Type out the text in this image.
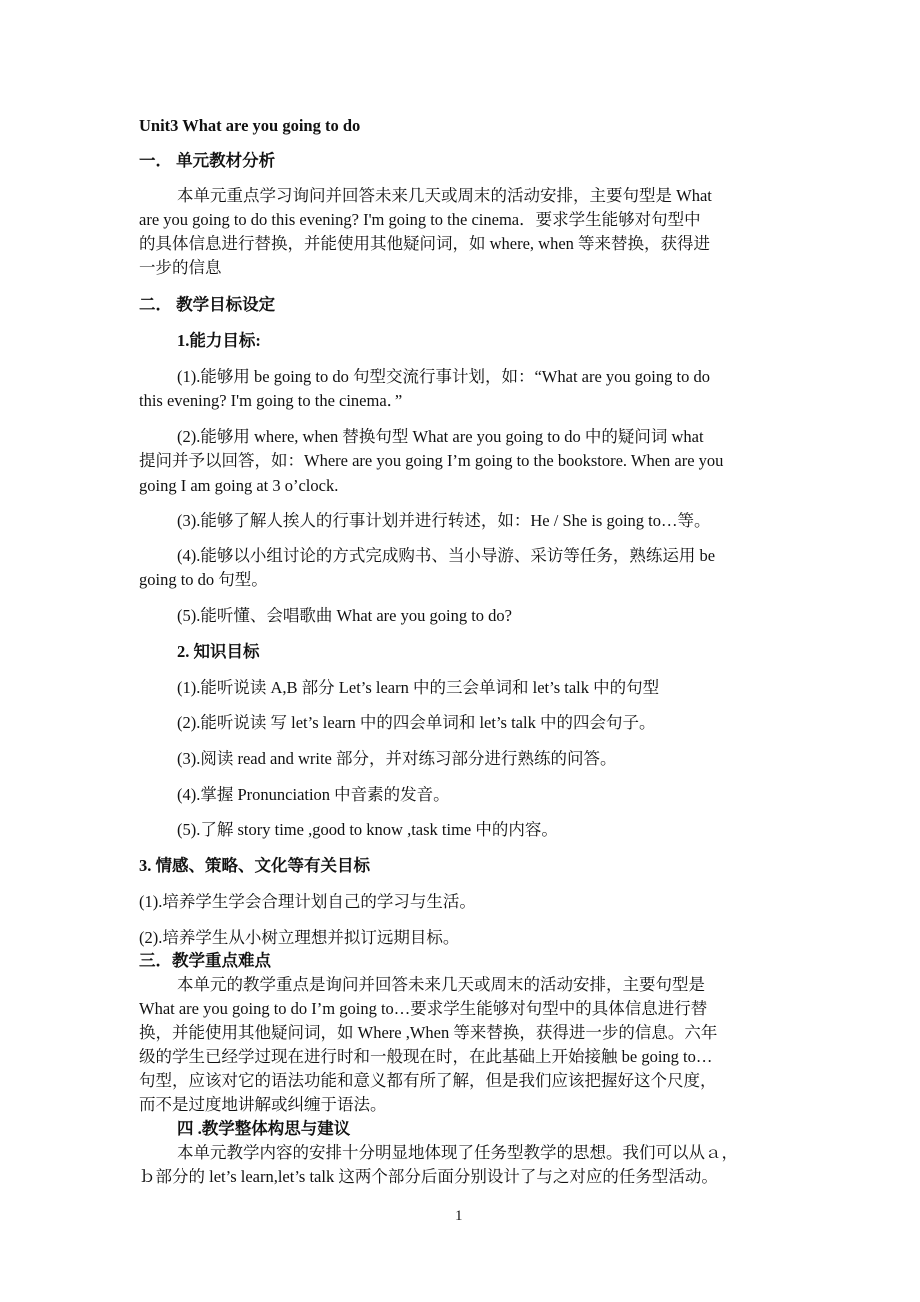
Unit3 What are you going to do
一． 单元教材分析
本单元重点学习询问并回答未来几天或周末的活动安排，主要句型是 What
are you going to do this evening? I'm going to the cinema．要求学生能够对句型中
的具体信息进行替换，并能使用其他疑问词，如 where, when 等来替换，获得进
一步的信息
二． 教学目标设定
1.能力目标:
(1).能够用 be going to do 句型交流行事计划，如：“What are you going to do
this evening? I'm going to the cinema．”
(2).能够用 where, when 替换句型 What are you going to do 中的疑问词 what
提问并予以回答，如：Where are you going I’m going to the bookstore. When are you
going I am going at 3 o’clock.
(3).能够了解人挨人的行事计划并进行转述，如：He / She is going to…等。
(4).能够以小组讨论的方式完成购书、当小导游、采访等任务，熟练运用 be
going to do 句型。
(5).能听懂、会唱歌曲 What are you going to do?
2. 知识目标
(1).能听说读 A,B 部分 Let’s learn 中的三会单词和 let’s talk 中的句型
(2).能听说读 写 let’s learn 中的四会单词和 let’s talk 中的四会句子。
(3).阅读 read and write 部分，并对练习部分进行熟练的问答。
(4).掌握 Pronunciation 中音素的发音。
(5).了解 story time ,good to know ,task time 中的内容。
3. 情感、策略、文化等有关目标
(1).培养学生学会合理计划自己的学习与生活。
(2).培养学生从小树立理想并拟订远期目标。
三．教学重点难点
本单元的教学重点是询问并回答未来几天或周末的活动安排，主要句型是
What are you going to do I’m going to…要求学生能够对句型中的具体信息进行替
换，并能使用其他疑问词，如 Where ,When 等来替换，获得进一步的信息。六年
级的学生已经学过现在进行时和一般现在时，在此基础上开始接触 be going to…
句型，应该对它的语法功能和意义都有所了解，但是我们应该把握好这个尺度，
而不是过度地讲解或纠缠于语法。
四 .教学整体构思与建议
本单元教学内容的安排十分明显地体现了任务型教学的思想。我们可以从ａ，
ｂ部分的 let’s learn,let’s talk 这两个部分后面分别设计了与之对应的任务型活动。
1
